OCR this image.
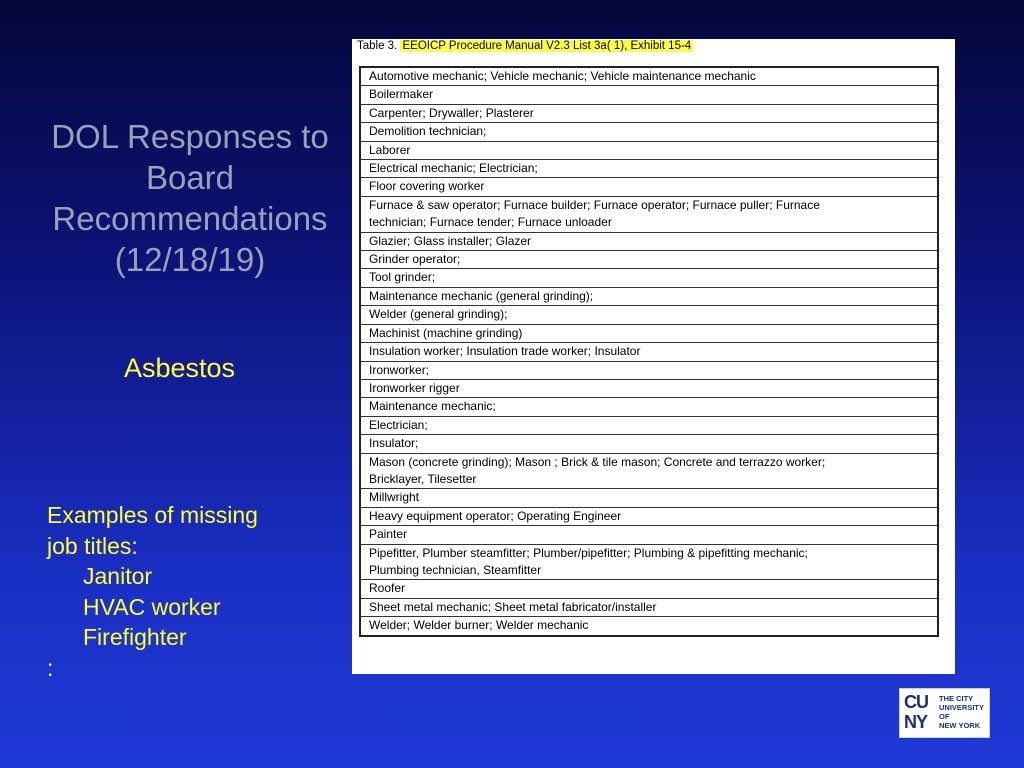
DOL Responses to
Board
Recommendations
(12/18/19)
Asbestos
Examples of missing
job titles:
Janitor
HVAC worker
Firefighter
:
Table 3. EEOICP Procedure Manual V2.3 List 3a( 1), Exhibit 15-4
Automotive mechanic; Vehicle mechanic; Vehicle maintenance mechanic

Boilermaker

Carpenter; Drywaller; Plasterer

Demolition technician;

Laborer

Electrical mechanic; Electrician;

Floor covering worker

Furnace & saw operator; Furnace builder; Furnace operator; Furnace puller; Furnace
technician; Furnace tender; Furnace unloader

Glazier; Glass installer; Glazer

Grinder operator;

Tool grinder;

Maintenance mechanic (general grinding);

Welder (general grinding);

Machinist (machine grinding)

Insulation worker; Insulation trade worker; Insulator

Ironworker;

Ironworker rigger

Maintenance mechanic;

Electrician;

Insulator;

Mason (concrete grinding); Mason ; Brick & tile mason; Concrete and terrazzo worker;
Bricklayer, Tilesetter

Millwright

Heavy equipment operator; Operating Engineer

Painter

Pipefitter, Plumber steamfitter; Plumber/pipefitter; Plumbing & pipefitting mechanic;
Plumbing technician, Steamfitter

Roofer

Sheet metal mechanic; Sheet metal fabricator/installer

Welder; Welder burner; Welder mechanic
CU
NY
THE CITY
UNIVERSITY
OF
NEW YORK
